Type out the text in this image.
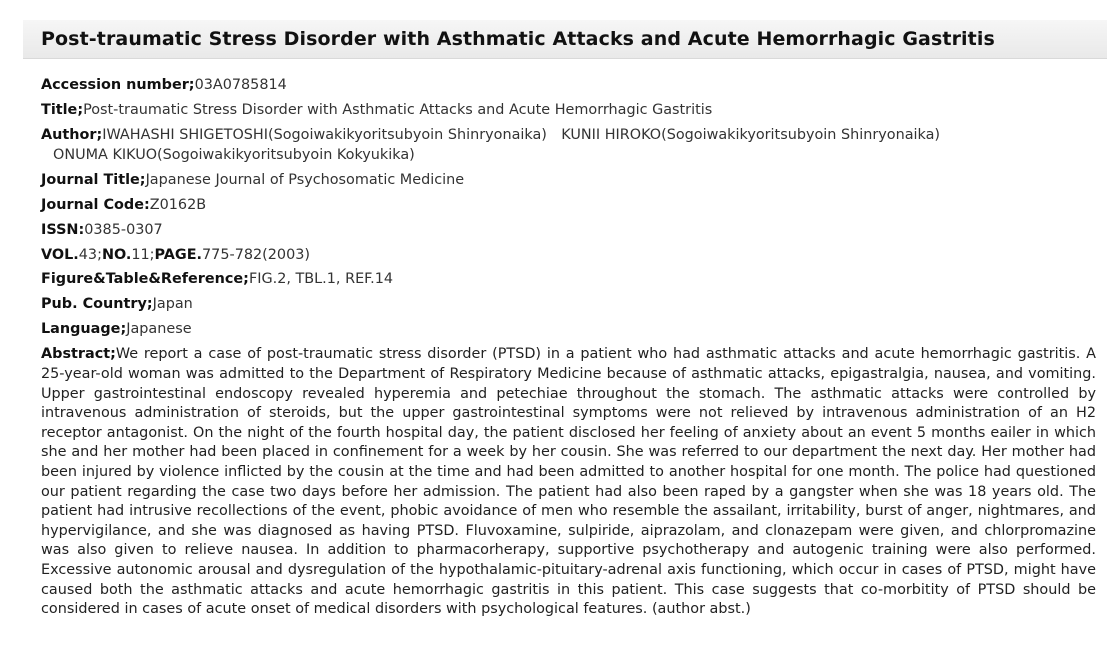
Post-traumatic Stress Disorder with Asthmatic Attacks and Acute Hemorrhagic Gastritis
Accession number;03A0785814
Title;Post-traumatic Stress Disorder with Asthmatic Attacks and Acute Hemorrhagic Gastritis
Author;IWAHASHI SHIGETOSHI(Sogoiwakikyoritsubyoin Shinryonaika)　KUNII HIROKO(Sogoiwakikyoritsubyoin Shinryonaika)
ONUMA KIKUO(Sogoiwakikyoritsubyoin Kokyukika)
Journal Title;Japanese Journal of Psychosomatic Medicine
Journal Code:Z0162B
ISSN:0385-0307
VOL.43;NO.11;PAGE.775-782(2003)
Figure&Table&Reference;FIG.2, TBL.1, REF.14
Pub. Country;Japan
Language;Japanese
Abstract;We report a case of post-traumatic stress disorder (PTSD) in a patient who had asthmatic attacks and acute hemorrhagic gastritis. A 25-year-old woman was admitted to the Department of Respiratory Medicine because of asthmatic attacks, epigastralgia, nausea, and vomiting. Upper gastrointestinal endoscopy revealed hyperemia and petechiae throughout the stomach. The asthmatic attacks were controlled by intravenous administration of steroids, but the upper gastrointestinal symptoms were not relieved by intravenous administration of an H2 receptor antagonist. On the night of the fourth hospital day, the patient disclosed her feeling of anxiety about an event 5 months eailer in which she and her mother had been placed in confinement for a week by her cousin. She was referred to our department the next day. Her mother had been injured by violence inflicted by the cousin at the time and had been admitted to another hospital for one month. The police had questioned our patient regarding the case two days before her admission. The patient had also been raped by a gangster when she was 18 years old. The patient had intrusive recollections of the event, phobic avoidance of men who resemble the assailant, irritability, burst of anger, nightmares, and hypervigilance, and she was diagnosed as having PTSD. Fluvoxamine, sulpiride, aiprazolam, and clonazepam were given, and chlorpromazine was also given to relieve nausea. In addition to pharmacorherapy, supportive psychotherapy and autogenic training were also performed. Excessive autonomic arousal and dysregulation of the hypothalamic-pituitary-adrenal axis functioning, which occur in cases of PTSD, might have caused both the asthmatic attacks and acute hemorrhagic gastritis in this patient. This case suggests that co-morbitity of PTSD should be considered in cases of acute onset of medical disorders with psychological features. (author abst.)
